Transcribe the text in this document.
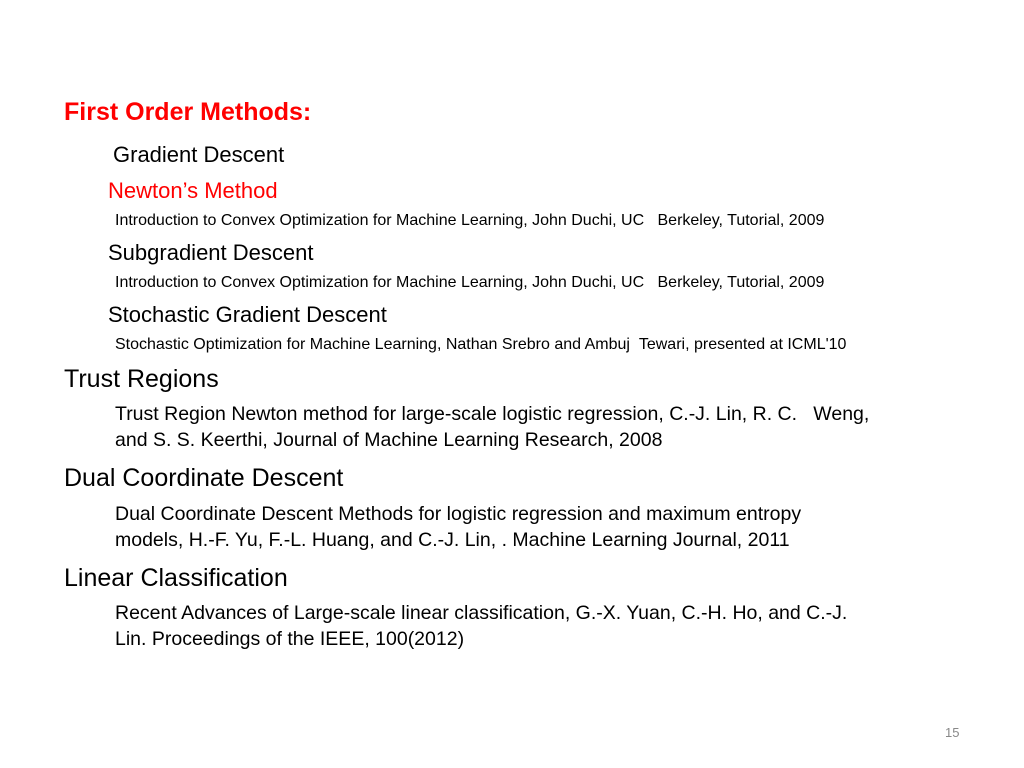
First Order Methods:
Gradient Descent
Newton’s Method
Introduction to Convex Optimization for Machine Learning, John Duchi, UC   Berkeley, Tutorial, 2009
Subgradient Descent
Introduction to Convex Optimization for Machine Learning, John Duchi, UC   Berkeley, Tutorial, 2009
Stochastic Gradient Descent
Stochastic Optimization for Machine Learning, Nathan Srebro and Ambuj  Tewari, presented at ICML'10
Trust Regions
Trust Region Newton method for large-scale logistic regression, C.-J. Lin, R. C.   Weng,
and S. S. Keerthi, Journal of Machine Learning Research, 2008
Dual Coordinate Descent
Dual Coordinate Descent Methods for logistic regression and maximum entropy
models, H.-F. Yu, F.-L. Huang, and C.-J. Lin, . Machine Learning Journal, 2011
Linear Classification
Recent Advances of Large-scale linear classification, G.-X. Yuan, C.-H. Ho, and C.-J.
Lin. Proceedings of the IEEE, 100(2012)
15
